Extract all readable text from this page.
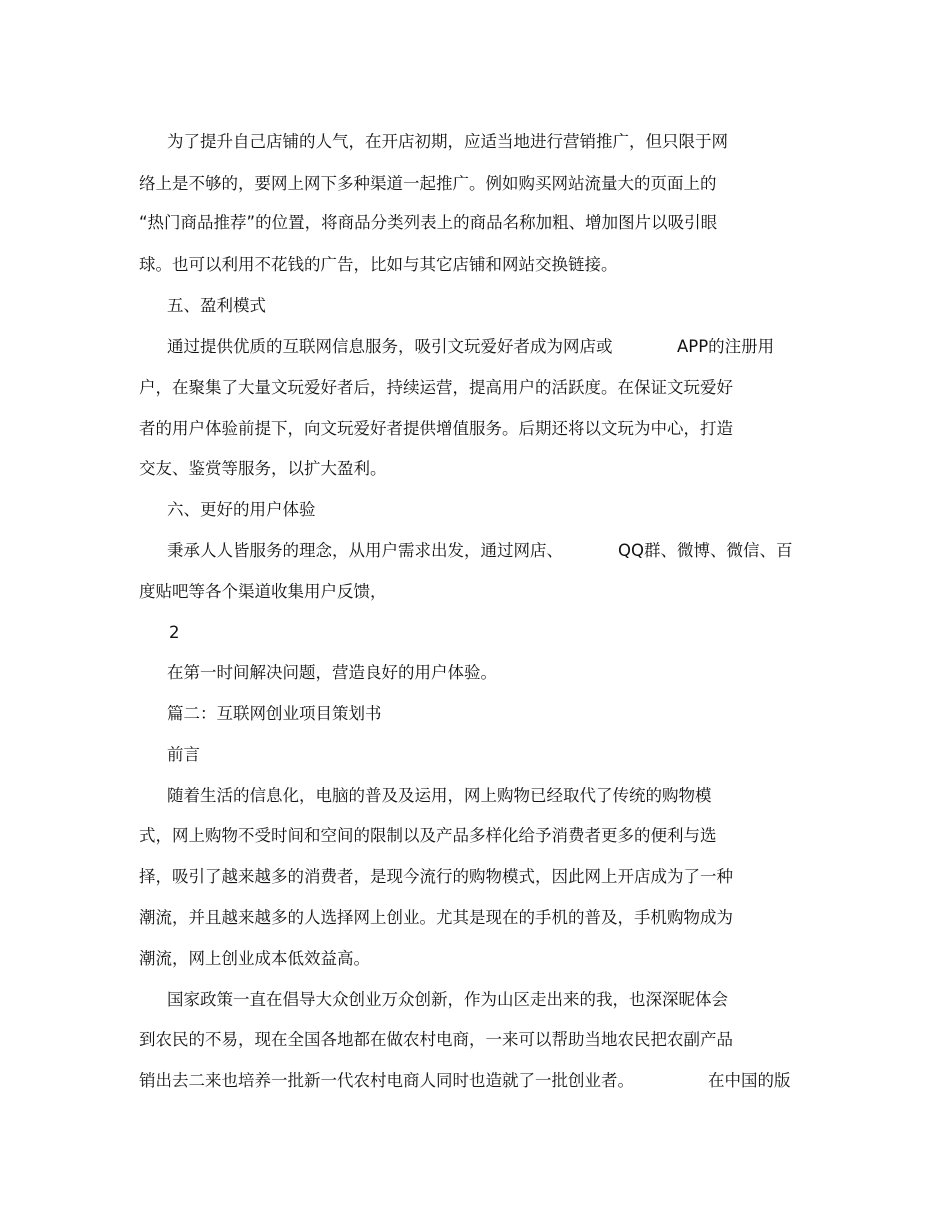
为了提升自己店铺的人气，在开店初期，应适当地进行营销推广，但只限于网

络上是不够的，要网上网下多种渠道一起推广。例如购买网站流量大的页面上的

“热门商品推荐”的位置，将商品分类列表上的商品名称加粗、增加图片以吸引眼

球。也可以利用不花钱的广告，比如与其它店铺和网站交换链接。

五、盈利模式

通过提供优质的互联网信息服务，吸引文玩爱好者成为网店或

	APP的注册用

户，在聚集了大量文玩爱好者后，持续运营，提高用户的活跃度。在保证文玩爱好

者的用户体验前提下，向文玩爱好者提供增值服务。后期还将以文玩为中心，打造

交友、鉴赏等服务，以扩大盈利。

六、更好的用户体验

秉承人人皆服务的理念，从用户需求出发，通过网店、

	QQ群、微博、微信、百

度贴吧等各个渠道收集用户反馈，

2

在第一时间解决问题，营造良好的用户体验。

篇二：互联网创业项目策划书

前言

随着生活的信息化，电脑的普及及运用，网上购物已经取代了传统的购物模

式，网上购物不受时间和空间的限制以及产品多样化给予消费者更多的便利与选

择，吸引了越来越多的消费者，是现今流行的购物模式，因此网上开店成为了一种

潮流，并且越来越多的人选择网上创业。尤其是现在的手机的普及，手机购物成为

潮流，网上创业成本低效益高。

国家政策一直在倡导大众创业万众创新，作为山区走出来的我，也深深昵体会

到农民的不易，现在全国各地都在做农村电商，一来可以帮助当地农民把农副产品

销出去二来也培养一批新一代农村电商人同时也造就了一批创业者。

	在中国的版
